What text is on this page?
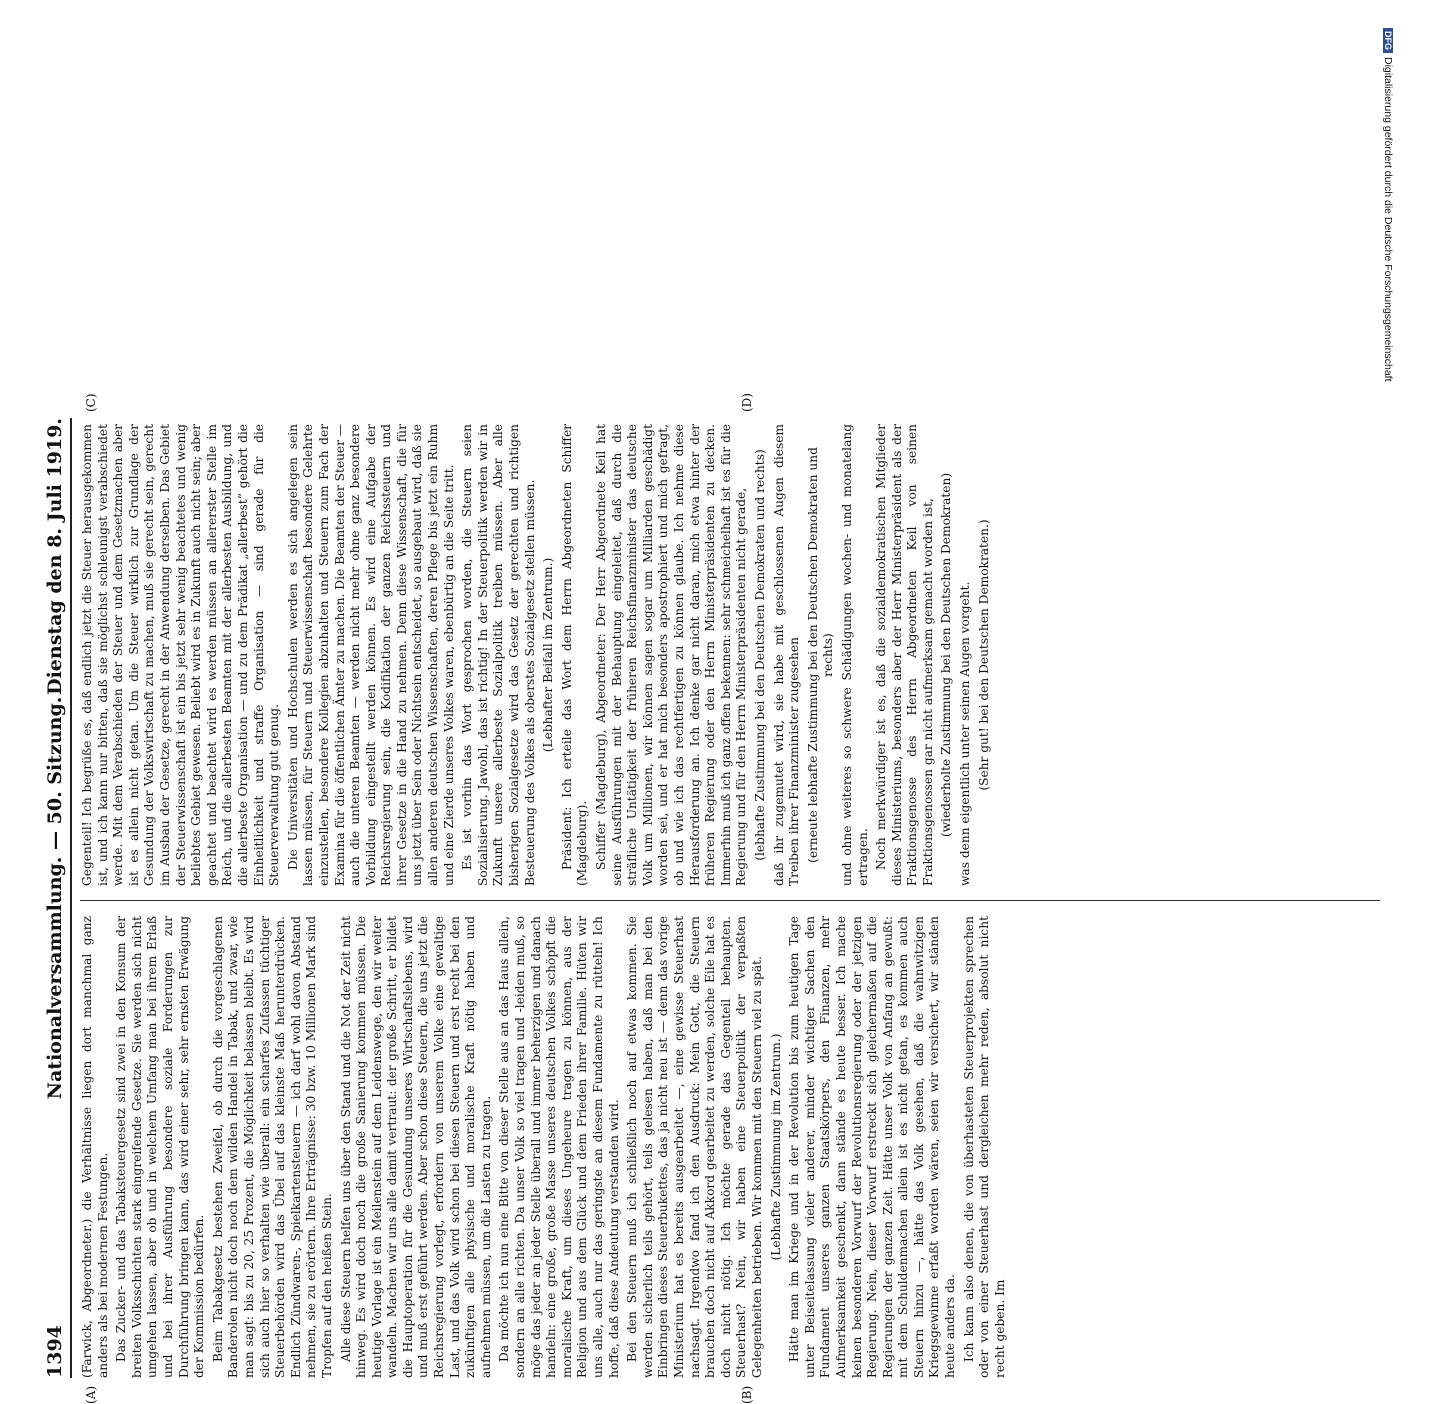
1394
Nationalversammlung. — 50. Sitzung.
Dienstag den 8. Juli 1919.
(A)	(B)
(C)	(D)

(Farwick, Abgeordneter.) die Verhältnisse liegen dort manchmal ganz anders als bei modernen Festungen. Das Zucker- und das Tabaksteuergesetz sind zwei in den Konsum der breiten Volksschichten stark eingreifende Gesetze. Sie werden sich nicht umgehen lassen, aber ob und in welchem Umfang man bei ihrem Erlaß und bei ihrer Ausführung besondere soziale Forderungen zur Durchführung bringen kann, das wird einer sehr, sehr ernsten Erwägung der Kommission bedürfen. Beim Tabakgesetz bestehen Zweifel, ob durch die vorgeschlagenen Banderolen nicht doch noch dem wilden Handel in Tabak, und zwar, wie man sagt: bis zu 20, 25 Prozent, die Möglichkeit belassen bleibt. Es wird sich auch hier so verhalten wie überall: ein scharfes Zufassen tüchtiger Steuerbehörden wird das Übel auf das kleinste Maß herunterdrücken. Endlich Zündwaren-, Spielkartensteuern — ich darf wohl davon Abstand nehmen, sie zu erörtern. Ihre Erträgnisse: 30 bzw. 10 Millionen Mark sind Tropfen auf den heißen Stein. Alle diese Steuern helfen uns über den Stand und die Not der Zeit nicht hinweg. Es wird doch noch die große Sanierung kommen müssen. Die heutige Vorlage ist ein Meilenstein auf dem Leidenswege, den wir weiter wandeln. Machen wir uns alle damit vertraut: der große Schritt, er bildet die Hauptoperation für die Gesundung unseres Wirtschaftslebens, wird und muß erst geführt werden. Aber schon diese Steuern, die uns jetzt die Reichsregierung vorlegt, erfordern von unserem Volke eine gewaltige Last, und das Volk wird schon bei diesen Steuern und erst recht bei den zukünftigen alle physische und moralische Kraft nötig haben und aufnehmen müssen, um die Lasten zu tragen. Da möchte ich nun eine Bitte von dieser Stelle aus an das Haus allein, sondern an alle richten. Da unser Volk so viel tragen und -leiden muß, so möge das jeder an jeder Stelle überall und immer beherzigen und danach handeln: eine große, große Masse unseres deutschen Volkes schöpft die moralische Kraft, um dieses Ungeheure tragen zu können, aus der Religion und aus dem Glück und dem Frieden ihrer Familie. Hüten wir uns alle, auch nur das geringste an diesem Fundamente zu rütteln! Ich hoffe, daß diese Andeutung verstanden wird. Bei den Steuern muß ich schließlich noch auf etwas kommen. Sie werden sicherlich teils gehört, teils gelesen haben, daß man bei den Einbringen dieses Steuerbukettes, das ja nicht neu ist — denn das vorige Ministerium hat es bereits ausgearbeitet —, eine gewisse Steuerhast nachsagt. Irgendwo fand ich den Ausdruck: Mein Gott, die Steuern brauchen doch nicht auf Akkord gearbeitet zu werden, solche Eile hat es doch nicht nötig. Ich möchte gerade das Gegenteil behaupten. Steuerhast? Nein, wir haben eine Steuerpolitik der verpaßten Gelegenheiten betrieben. Wir kommen mit den Steuern viel zu spät. (Lebhafte Zustimmung im Zentrum.) Hätte man im Kriege und in der Revolution bis zum heutigen Tage unter Beiseitelassung vieler anderer, minder wichtiger Sachen den Fundament unseres ganzen Staatskörpers, den Finanzen, mehr Aufmerksamkeit geschenkt, dann stände es heute besser. Ich mache keinen besonderen Vorwurf der Revolutionsregierung oder der jetzigen Regierung. Nein, dieser Vorwurf erstreckt sich gleichermaßen auf die Regierungen der ganzen Zeit. Hätte unser Volk von Anfang an gewußt: mit dem Schuldenmachen allein ist es nicht getan, es kommen auch Steuern hinzu —, hätte das Volk gesehen, daß die wahnwitzigen Kriegsgewinne erfaßt worden wären, seien wir versichert, wir ständen heute anders da. Ich kann also denen, die von überhasteten Steuerprojekten sprechen oder von einer Steuerhast und dergleichen mehr reden, absolut nicht recht geben. Im

Gegenteil! Ich begrüße es, daß endlich jetzt die Steuer herausgekommen ist, und ich kann nur bitten, daß sie möglichst schleunigst verabschiedet werde. Mit dem Verabschieden der Steuer und dem Gesetzmachen aber ist es allein nicht getan. Um die Steuer wirklich zur Grundlage der Gesundung der Volkswirtschaft zu machen, muß sie gerecht sein, gerecht im Ausbau der Gesetze, gerecht in der Anwendung derselben. Das Gebiet der Steuerwissenschaft ist ein bis jetzt sehr wenig beachtetes und wenig beliebtes Gebiet gewesen. Beliebt wird es in Zukunft auch nicht sein; aber geachtet und beachtet wird es werden müssen an allererster Stelle im Reich, und die allerbesten Beamten mit der allerbesten Ausbildung, und die allerbeste Organisation — und zu dem Prädikat „allerbest“ gehört die Einheitlichkeit und straffe Organisation — sind gerade für die Steuerverwaltung gut genug. Die Universitäten und Hochschulen werden es sich angelegen sein lassen müssen, für Steuern und Steuerwissenschaft besondere Gelehrte einzustellen, besondere Kollegien abzuhalten und Steuern zum Fach der Examina für die öffentlichen Ämter zu machen. Die Beamten der Steuer — auch die unteren Beamten — werden nicht mehr ohne ganz besondere Vorbildung eingestellt werden können. Es wird eine Aufgabe der Reichsregierung sein, die Kodifikation der ganzen Reichssteuern und ihrer Gesetze in die Hand zu nehmen. Denn diese Wissenschaft, die für uns jetzt über Sein oder Nichtsein entscheidet, so ausgebaut wird, daß sie allen anderen deutschen Wissenschaften, deren Pflege bis jetzt ein Ruhm und eine Zierde unseres Volkes waren, ebenbürtig an die Seite tritt. Es ist vorhin das Wort gesprochen worden, die Steuern seien Sozialisierung. Jawohl, das ist richtig! In der Steuerpolitik werden wir in Zukunft unsere allerbeste Sozialpolitik treiben müssen. Aber alle bisherigen Sozialgesetze wird das Gesetz der gerechten und richtigen Besteuerung des Volkes als oberstes Sozialgesetz stellen müssen. (Lebhafter Beifall im Zentrum.) Präsident: Ich erteile das Wort dem Herrn Abgeordneten Schiffer (Magdeburg). Schiffer (Magdeburg), Abgeordneter: Der Herr Abgeordnete Keil hat seine Ausführungen mit der Behauptung eingeleitet, daß durch die sträfliche Untätigkeit der früheren Reichsfinanzminister das deutsche Volk um Millionen, wir können sagen sogar um Milliarden geschädigt worden sei, und er hat mich besonders apostrophiert und mich gefragt, ob und wie ich das rechtfertigen zu können glaube. Ich nehme diese Herausforderung an. Ich denke gar nicht daran, mich etwa hinter der früheren Regierung oder den Herrn Ministerpräsidenten zu decken. Immerhin muß ich ganz offen bekennen: sehr schmeichelhaft ist es für die Regierung und für den Herrn Ministerpräsidenten nicht gerade, (lebhafte Zustimmung bei den Deutschen Demokraten und rechts) daß ihr zugemutet wird, sie habe mit geschlossenen Augen diesem Treiben ihrer Finanzminister zugesehen (erneute lebhafte Zustimmung bei den Deutschen Demokraten und rechts) und ohne weiteres so schwere Schädigungen wochen- und monatelang ertragen. Noch merkwürdiger ist es, daß die sozialdemokratischen Mitglieder dieses Ministeriums, besonders aber der Herr Ministerpräsident als der Fraktionsgenosse des Herrn Abgeordneten Keil von seinen Fraktionsgenossen gar nicht aufmerksam gemacht worden ist, (wiederholte Zustimmung bei den Deutschen Demokraten) was denn eigentlich unter seinen Augen vorgeht. (Sehr gut! bei den Deutschen Demokraten.)

DFGDigitalisierung gefördert durch die Deutsche Forschungsgemeinschaft
